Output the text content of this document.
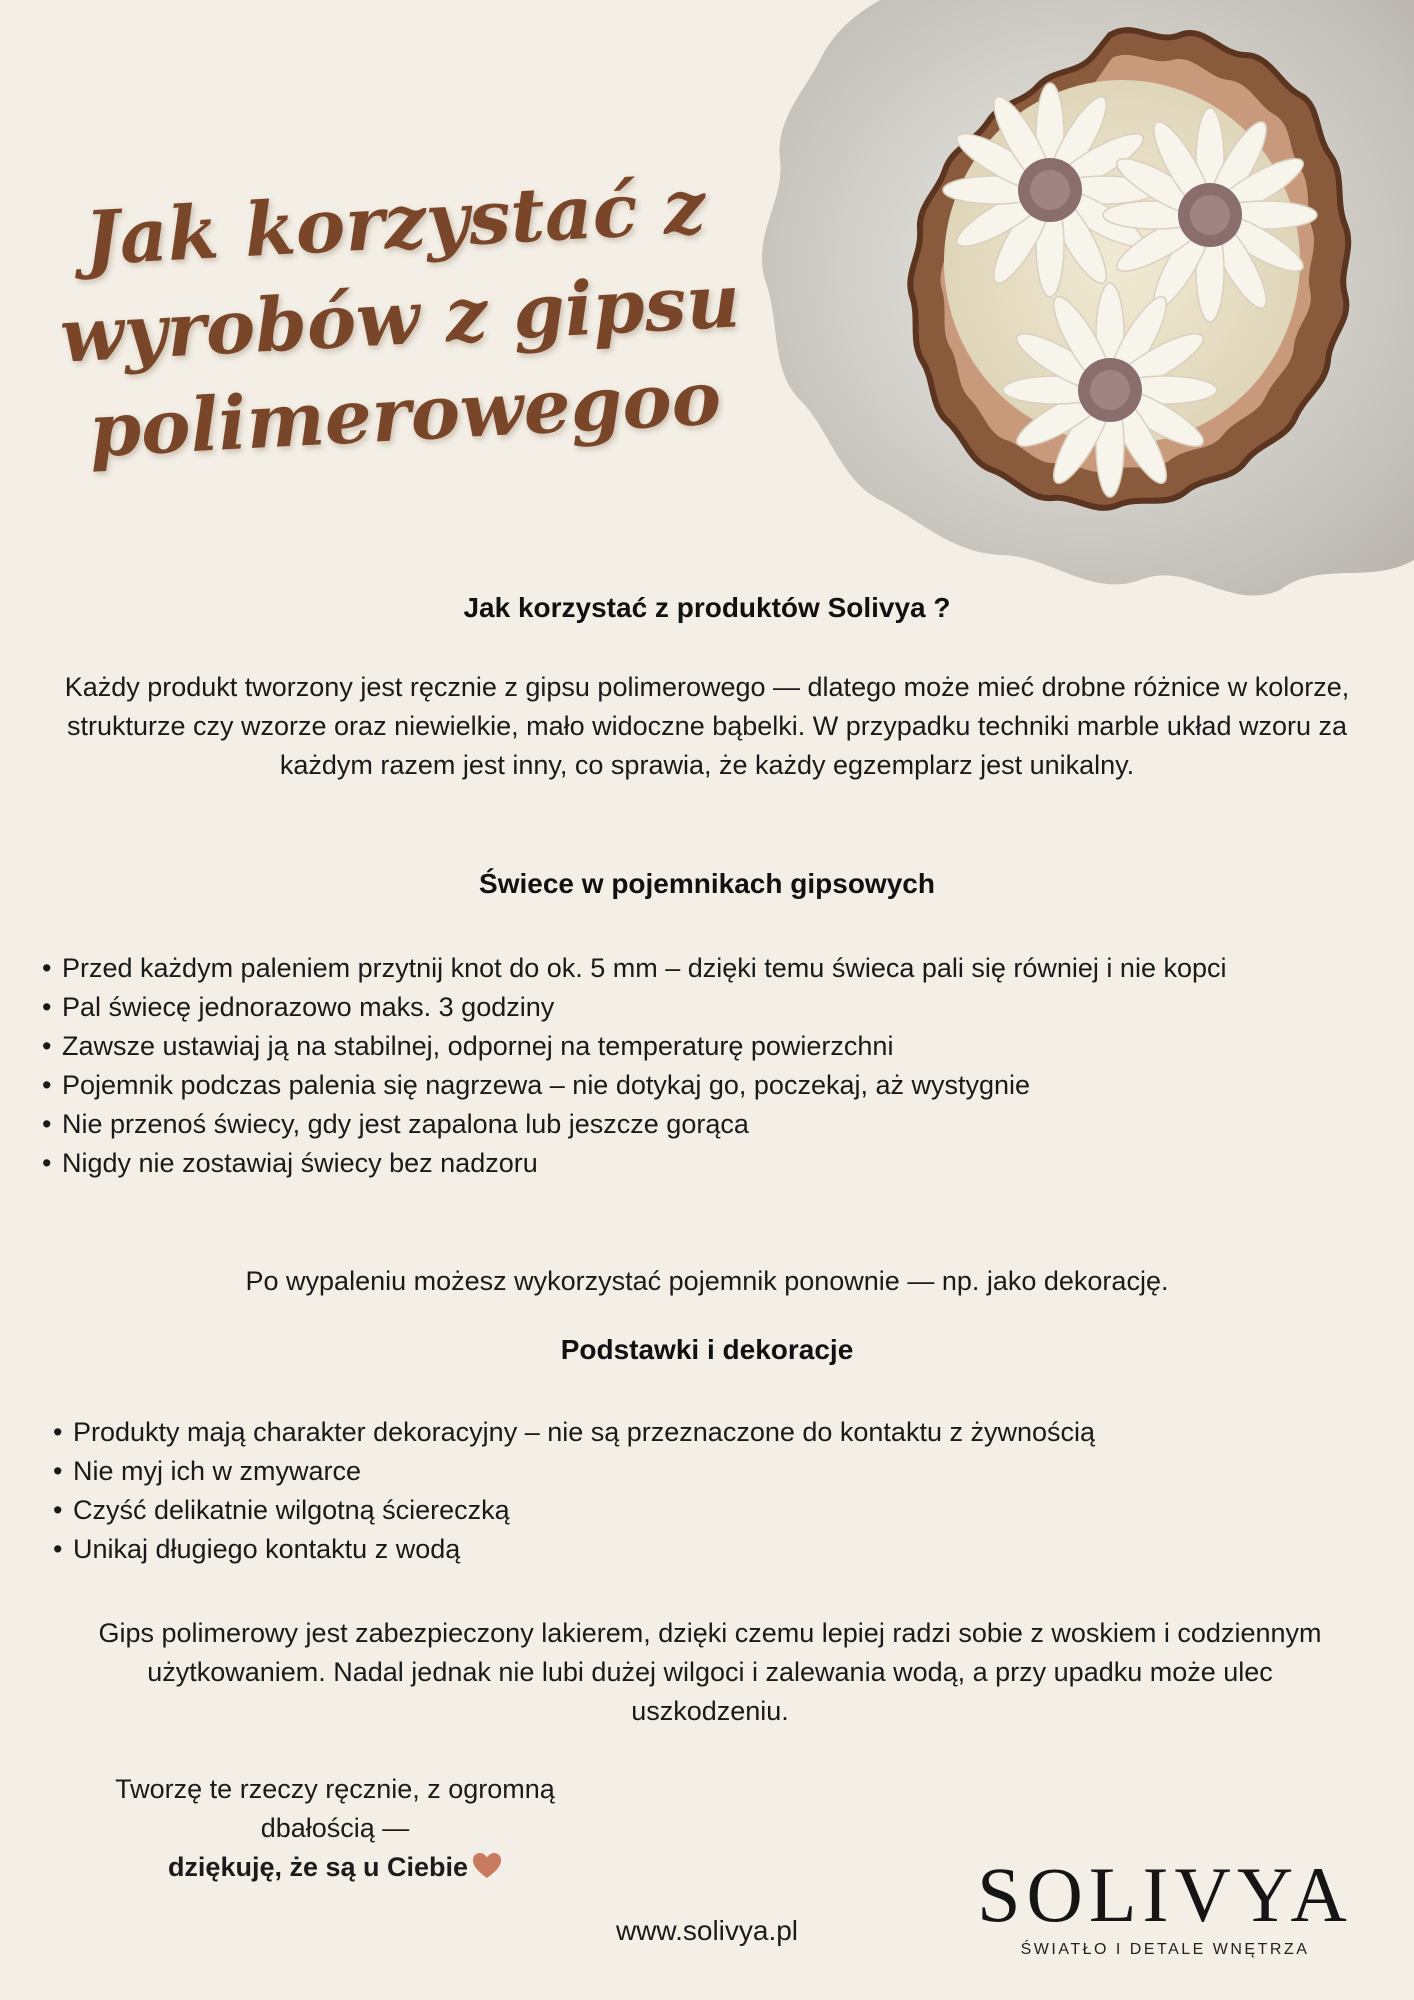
Jak korzystać z
wyrobów z gipsu
polimerowegoo
Jak korzystać z produktów Solivya ?
Każdy produkt tworzony jest ręcznie z gipsu polimerowego — dlatego może mieć drobne różnice w kolorze, strukturze czy wzorze oraz niewielkie, mało widoczne bąbelki. W przypadku techniki marble układ wzoru za każdym razem jest inny, co sprawia, że każdy egzemplarz jest unikalny.
Świece w pojemnikach gipsowych
• Przed każdym paleniem przytnij knot do ok. 5 mm – dzięki temu świeca pali się równiej i nie kopci
• Pal świecę jednorazowo maks. 3 godziny
• Zawsze ustawiaj ją na stabilnej, odpornej na temperaturę powierzchni
• Pojemnik podczas palenia się nagrzewa – nie dotykaj go, poczekaj, aż wystygnie
• Nie przenoś świecy, gdy jest zapalona lub jeszcze gorąca
• Nigdy nie zostawiaj świecy bez nadzoru
Po wypaleniu możesz wykorzystać pojemnik ponownie — np. jako dekorację.
Podstawki i dekoracje
• Produkty mają charakter dekoracyjny – nie są przeznaczone do kontaktu z żywnością
• Nie myj ich w zmywarce
• Czyść delikatnie wilgotną ściereczką
• Unikaj długiego kontaktu z wodą
Gips polimerowy jest zabezpieczony lakierem, dzięki czemu lepiej radzi sobie z woskiem i codziennym użytkowaniem. Nadal jednak nie lubi dużej wilgoci i zalewania wodą, a przy upadku może ulec uszkodzeniu.
Tworzę te rzeczy ręcznie, z ogromną dbałością —
dziękuję, że są u Ciebie
www.solivya.pl	SOLIVYA
ŚWIATŁO I DETALE WNĘTRZA
